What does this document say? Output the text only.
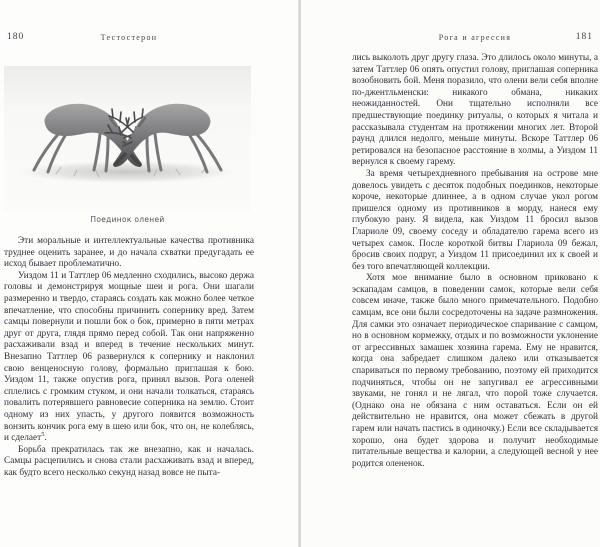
180	Тестостерон
Поединок оленей

Эти моральные и интеллектуальные качества противника труднее оценить заранее, и до начала схватки предугадать ее исход бывает проблематично.

Уиздом 11 и Таттлер 06 медленно сходились, высоко держа головы и демонстрируя мощные шеи и рога. Они шагали размеренно и твердо, стараясь создать как можно более четкое впечатление, что способны причинить сопернику вред. Затем самцы повернули и пошли бок о бок, примерно в пяти метрах друг от друга, глядя прямо перед собой. Так они напряженно расхаживали взад и вперед в течение нескольких минут. Внезапно Таттлер 06 развернулся к сопернику и наклонил свою венценосную голову, формально приглашая к бою. Уиздом 11, также опустив рога, принял вызов. Рога оленей сплелись с громким стуком, и они начали толкаться, стараясь повалить потерявшего равновесие соперника на землю. Стоит одному из них упасть, у другого появится возможность вонзить кончик рога ему в шею или бок, что он, не колеблясь, и сделает$^5$.

Борьба прекратилась так же внезапно, как и началась. Самцы расцепились и снова стали расхаживать взад и вперед, как будто всего несколько секунд назад вовсе не пыта-

Рога и агрессия	181

лись выколоть друг другу глаза. Это длилось около минуты, а затем Таттлер 06 опять опустил голову, приглашая соперника возобновить бой. Меня поразило, что олени вели себя вполне по-джентльменски: никакого обмана, никаких неожиданностей. Они тщательно исполняли все предшествующие поединку ритуалы, о которых я читала и рассказывала студентам на протяжении многих лет. Второй раунд длился недолго, меньше минуты. Вскоре Таттлер 06 ретировался на безопасное расстояние в холмы, а Уиздом 11 вернулся к своему гарему.

За время четырехдневного пребывания на острове мне довелось увидеть с десяток подобных поединков, некоторые короче, некоторые длиннее, а в одном случае укол рогом пришелся одному из противников в морду, нанеся ему глубокую рану. Я видела, как Уиздом 11 бросил вызов Глариоле 09, своему соседу и обладателю гарема всего из четырех самок. После короткой битвы Глариола 09 бежал, бросив своих подруг, а Уиздом 11 присоединил их к своей и без того впечатляющей коллекции.

Хотя мое внимание было в основном приковано к эскападам самцов, в поведении самок, которые вели себя совсем иначе, также было много примечательного. Подобно самцам, все они были сосредоточены на задаче размножения. Для самки это означает периодическое спаривание с самцом, но в основном кормежку, отдых и по возможности уклонение от агрессивных замашек хозяина гарема. Ему не нравится, когда она забредает слишком далеко или отказывается спариваться по первому требованию, поэтому ей приходится подчиняться, чтобы он не запугивал ее агрессивными звуками, не гонял и не лягал, что порой тоже случается. (Однако она не обязана с ним оставаться. Если он ей действительно не нравится, она может сбежать в другой гарем или начать пастись в одиночку.) Если все складывается хорошо, она будет здорова и получит необходимые питательные вещества и калории, а следующей весной у нее родится олененок.
